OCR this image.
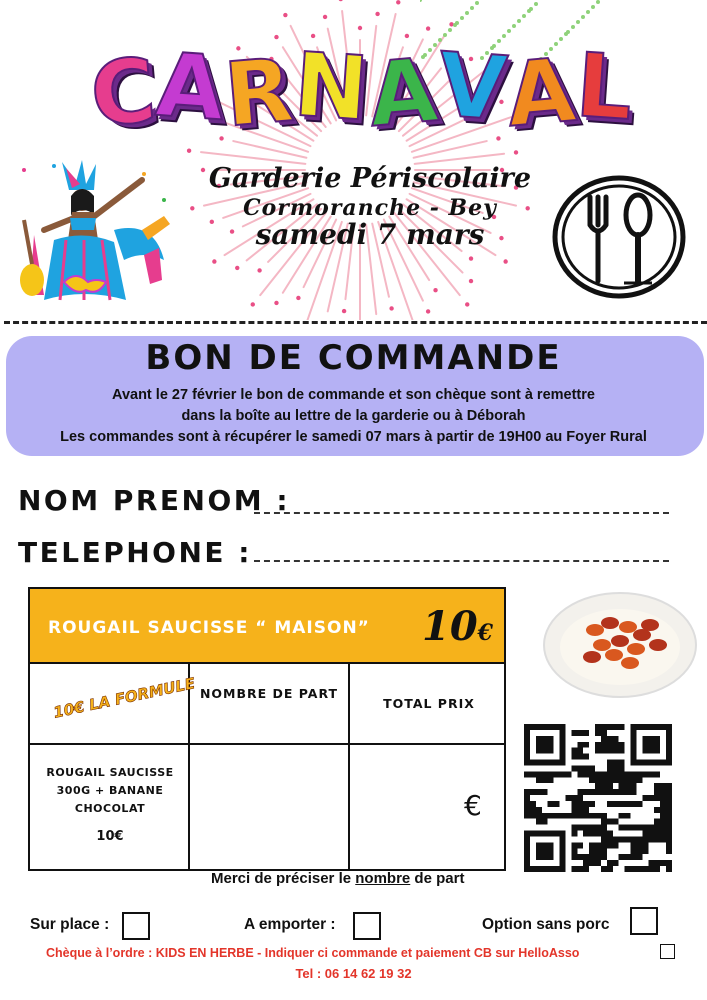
C
A
R
N
A
V
A
L
Garderie Périscolaire
Cormoranche - Bey
samedi 7 mars
BON DE COMMANDE
Avant le 27 février le bon de commande et son chèque sont à remettre
dans la boîte au lettre de la garderie ou à Déborah
Les commandes sont à récupérer le samedi 07 mars à partir de 19H00 au Foyer Rural
NOM PRENOM :
TELEPHONE :
ROUGAIL SAUCISSE “ MAISON” 10€
10€ LA FORMULE NOMBRE DE PART
TOTAL PRIX
ROUGAIL SAUCISSE 300G + BANANE CHOCOLAT
10€
€
Merci de préciser le nombre de part
Sur place :	A emporter :	Option sans porc
Chèque à l’ordre : KIDS EN HERBE - Indiquer ci commande et paiement CB sur HelloAsso
Tel : 06 14 62 19 32
